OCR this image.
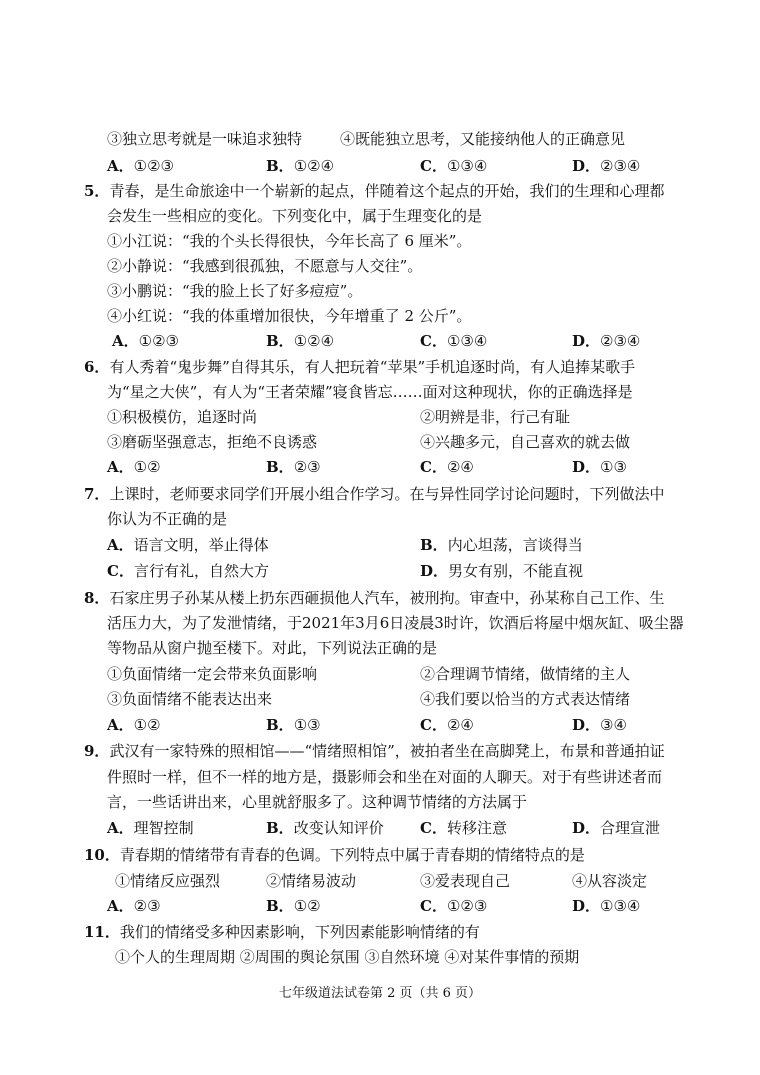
③独立思考就是一味追求独特	④既能独立思考，又能接纳他人的正确意见
A．①②③	B．①②④	C．①③④	D．②③④
5．青春，是生命旅途中一个崭新的起点，伴随着这个起点的开始，我们的生理和心理都
会发生一些相应的变化。下列变化中，属于生理变化的是
①小江说：“我的个头长得很快，今年长高了 6 厘米”。
②小静说：“我感到很孤独，不愿意与人交往”。
③小鹏说：“我的脸上长了好多痘痘”。
④小红说：“我的体重增加很快，今年增重了 2 公斤”。
A．①②③	B．①②④	C．①③④	D．②③④
6．有人秀着“鬼步舞”自得其乐，有人把玩着“苹果”手机追逐时尚，有人追捧某歌手
为“星之大侠”，有人为“王者荣耀”寝食皆忘……面对这种现状，你的正确选择是
①积极模仿，追逐时尚	②明辨是非，行己有耻
③磨砺坚强意志，拒绝不良诱惑	④兴趣多元，自己喜欢的就去做
A．①②	B．②③	C．②④	D．①③
7．上课时，老师要求同学们开展小组合作学习。在与异性同学讨论问题时，下列做法中
你认为不正确的是
A．语言文明，举止得体	B．内心坦荡，言谈得当
C．言行有礼，自然大方	D．男女有别，不能直视
8．石家庄男子孙某从楼上扔东西砸损他人汽车，被刑拘。审查中，孙某称自己工作、生
活压力大，为了发泄情绪，于2021年3月6日凌晨3时许，饮酒后将屋中烟灰缸、吸尘器
等物品从窗户抛至楼下。对此，下列说法正确的是
①负面情绪一定会带来负面影响	②合理调节情绪，做情绪的主人
③负面情绪不能表达出来	④我们要以恰当的方式表达情绪
A．①②	B．①③	C．②④	D．③④
9．武汉有一家特殊的照相馆——“情绪照相馆”，被拍者坐在高脚凳上，布景和普通拍证
件照时一样，但不一样的地方是，摄影师会和坐在对面的人聊天。对于有些讲述者而
言，一些话讲出来，心里就舒服多了。这种调节情绪的方法属于
A．理智控制	B．改变认知评价 C．转移注意	D．合理宣泄
10．青春期的情绪带有青春的色调。下列特点中属于青春期的情绪特点的是
①情绪反应强烈	②情绪易波动	③爱表现自己	④从容淡定
A．②③	B．①②	C．①②③	D．①③④
11．我们的情绪受多种因素影响，下列因素能影响情绪的有
①个人的生理周期 ②周围的舆论氛围 ③自然环境 ④对某件事情的预期
七年级道法试卷第 2 页（共 6 页）
